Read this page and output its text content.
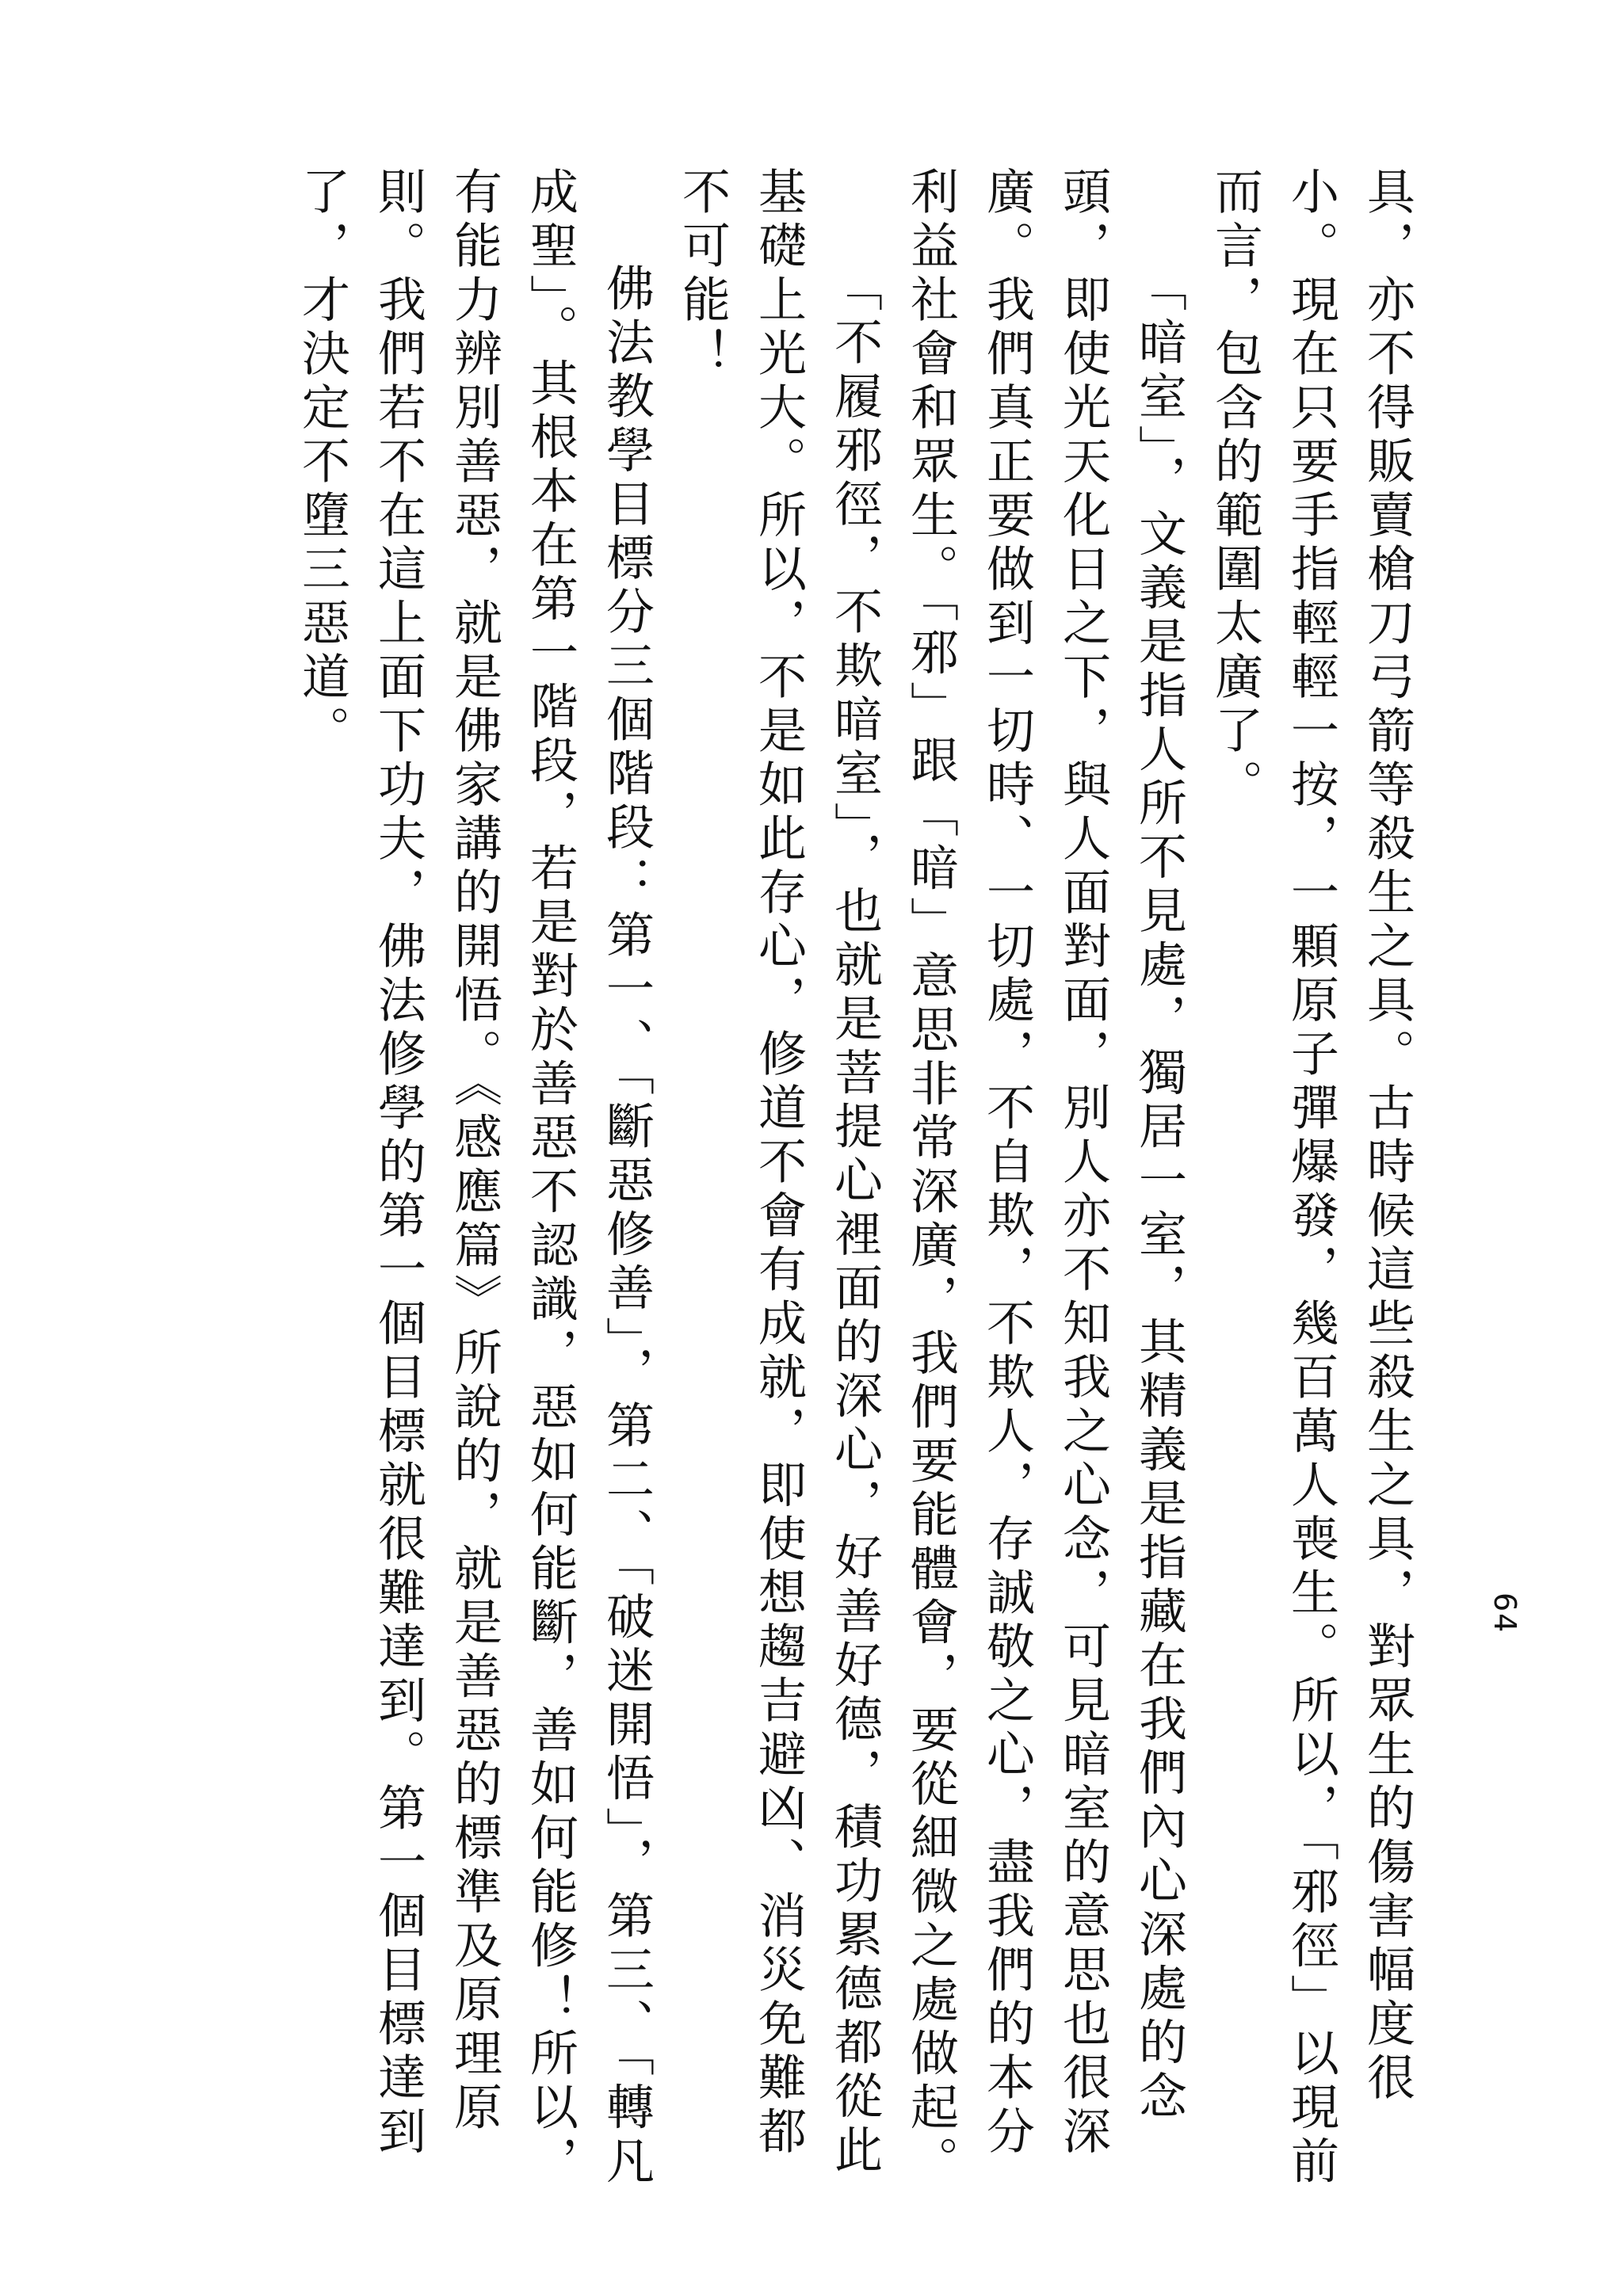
64

具，亦不得販賣槍刀弓箭等殺生之具。古時候這些殺生之具，對眾生的傷害幅度很小。現在只要手指輕輕一按，一顆原子彈爆發，幾百萬人喪生。所以，「邪徑」以現前而言，包含的範圍太廣了。

「暗室」，文義是指人所不見處，獨居一室，其精義是指藏在我們內心深處的念頭，即使光天化日之下，與人面對面，別人亦不知我之心念，可見暗室的意思也很深廣。我們真正要做到一切時、一切處，不自欺，不欺人，存誠敬之心，盡我們的本分利益社會和眾生。「邪」跟「暗」意思非常深廣，我們要能體會，要從細微之處做起。

「不履邪徑，不欺暗室」，也就是菩提心裡面的深心，好善好德，積功累德都從此基礎上光大。所以，不是如此存心，修道不會有成就，即使想趨吉避凶、消災免難都不可能！

佛法教學目標分三個階段：第一、「斷惡修善」，第二、「破迷開悟」，第三、「轉凡成聖」。其根本在第一階段，若是對於善惡不認識，惡如何能斷，善如何能修！所以，有能力辨別善惡，就是佛家講的開悟。《感應篇》所說的，就是善惡的標準及原理原則。我們若不在這上面下功夫，佛法修學的第一個目標就很難達到。第一個目標達到了，才決定不墮三惡道。
